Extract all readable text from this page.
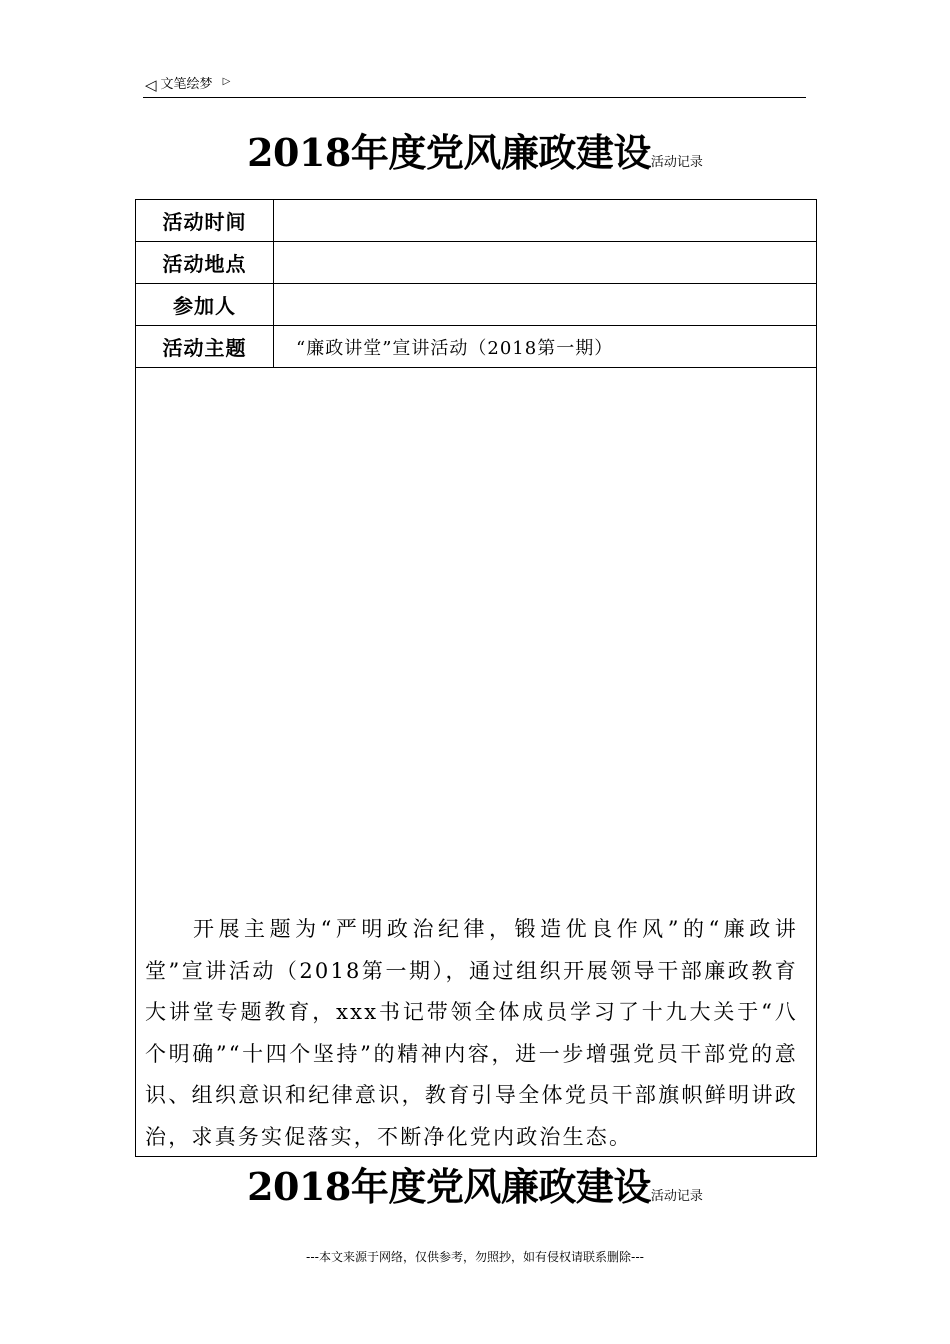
◁ 文笔绘梦 ▷
2018年度党风廉政建设活动记录
活动时间	
活动地点	
参加人	
活动主题	“廉政讲堂”宣讲活动（2018第一期）

开展主题为“严明政治纪律，锻造优良作风”的“廉政讲堂”宣讲活动（2018第一期），通过组织开展领导干部廉政教育大讲堂专题教育，xxx书记带领全体成员学习了十九大关于“八个明确”“十四个坚持”的精神内容，进一步增强党员干部党的意识、组织意识和纪律意识，教育引导全体党员干部旗帜鲜明讲政治，求真务实促落实，不断净化党内政治生态。	
2018年度党风廉政建设活动记录
---本文来源于网络，仅供参考，勿照抄，如有侵权请联系删除---
